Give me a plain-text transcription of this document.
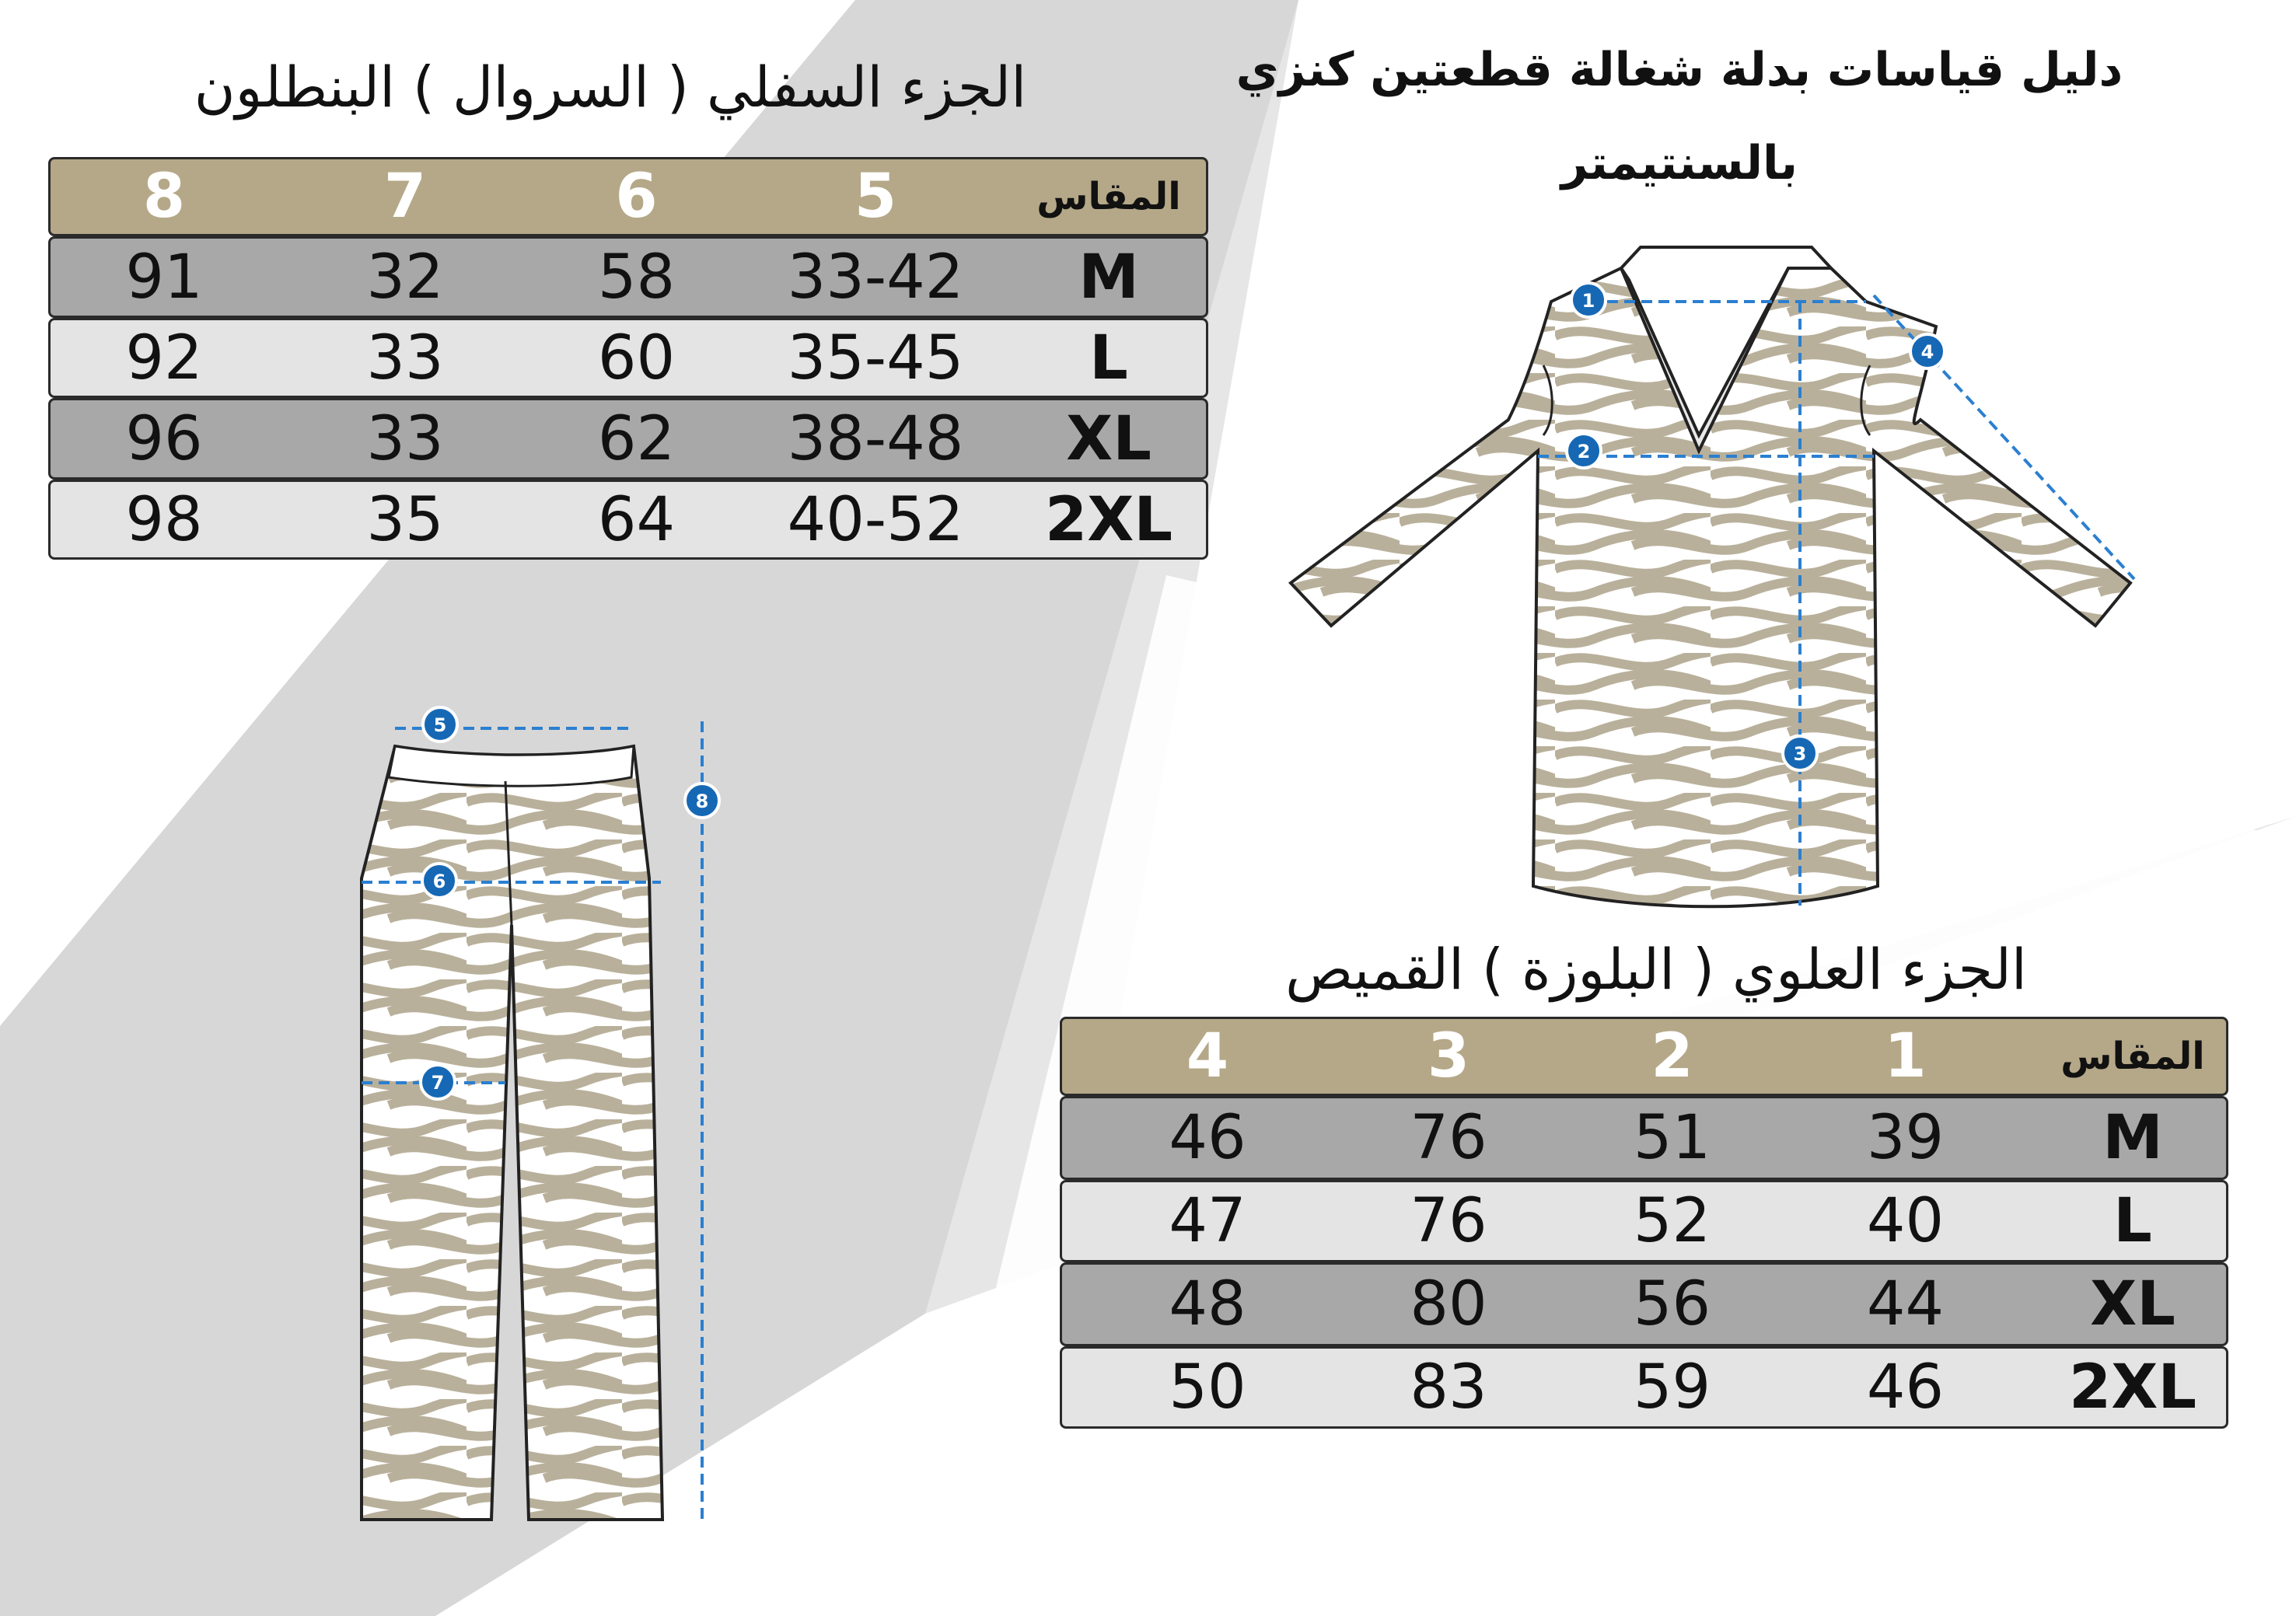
دليل قياسات بدلة شغالة قطعتين كنزي
بالسنتيمتر
الجزء السفلي ( السروال ) البنطلون
الجزء العلوي ( البلوزة ) القميص
المقاس
5
6
7
8
M
33-42
58
32
91
L
35-45
60
33
92
XL
38-48
62
33
96
2XL
40-52
64
35
98
المقاس
1
2
3
4
M
39
51
76
46
L
40
52
76
47
XL
44
56
80
48
2XL
46
59
83
50
1
2
3
4
5
6
7
8
